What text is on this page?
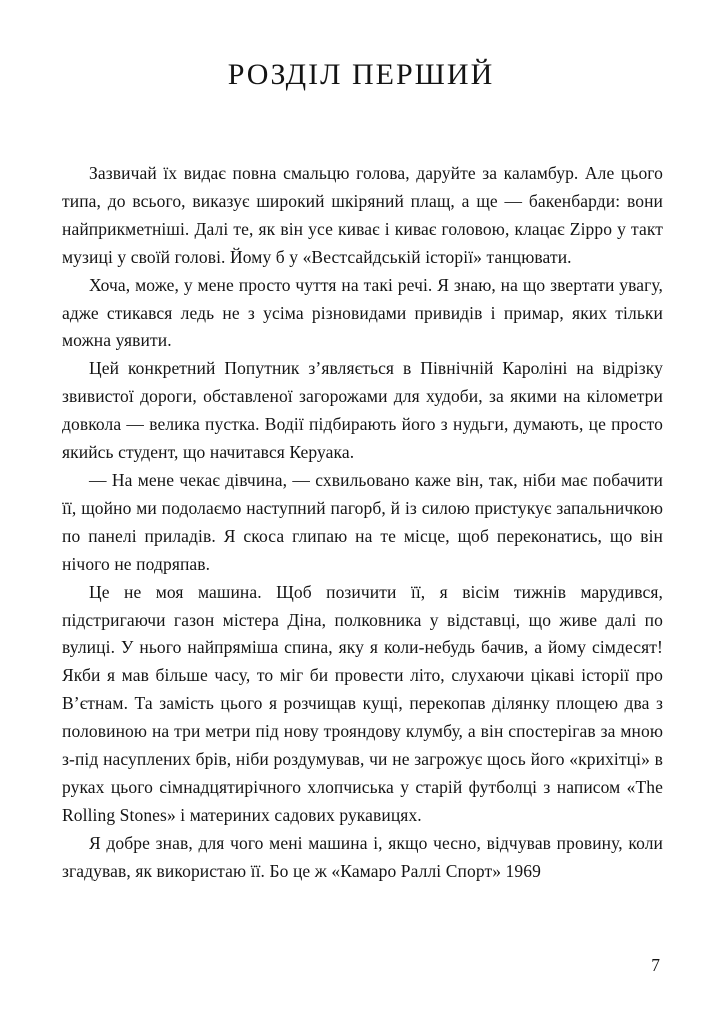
РОЗДІЛ ПЕРШИЙ

Зазвичай їх видає повна смальцю голова, даруйте за каламбур. Але цього типа, до всього, виказує широкий шкіряний плащ, а ще — бакенбарди: вони найприкметніші. Далі те, як він усе киває і киває головою, клацає Zippo у такт музиці у своїй голові. Йому б у «Вестсайдській історії» танцювати.

Хоча, може, у мене просто чуття на такі речі. Я знаю, на що звертати увагу, адже стикався ледь не з усіма різновидами привидів і примар, яких тільки можна уявити.

Цей конкретний Попутник з’являється в Північній Кароліні на відрізку звивистої дороги, обставленої загорожами для худоби, за якими на кілометри довкола — велика пустка. Водії підбирають його з нудьги, думають, це просто якийсь студент, що начитався Керуака.

— На мене чекає дівчина, — схвильовано каже він, так, ніби має побачити її, щойно ми подолаємо наступний пагорб, й із силою пристукує запальничкою по панелі приладів. Я скоса глипаю на те місце, щоб переконатись, що він нічого не подряпав.

Це не моя машина. Щоб позичити її, я вісім тижнів марудився, підстригаючи газон містера Діна, полковника у відставці, що живе далі по вулиці. У нього найпряміша спина, яку я коли-небудь бачив, а йому сімдесят! Якби я мав більше часу, то міг би провести літо, слухаючи цікаві історії про В’єтнам. Та замість цього я розчищав кущі, перекопав ділянку площею два з половиною на три метри під нову трояндову клумбу, а він спостерігав за мною з-під насуплених брів, ніби роздумував, чи не загрожує щось його «крихітці» в руках цього сімнадцятирічного хлопчиська у старій футболці з написом «The Rolling Stones» і материних садових рукавицях.

Я добре знав, для чого мені машина і, якщо чесно, відчував провину, коли згадував, як використаю її. Бо це ж «Камаро Раллі Спорт» 1969

7
